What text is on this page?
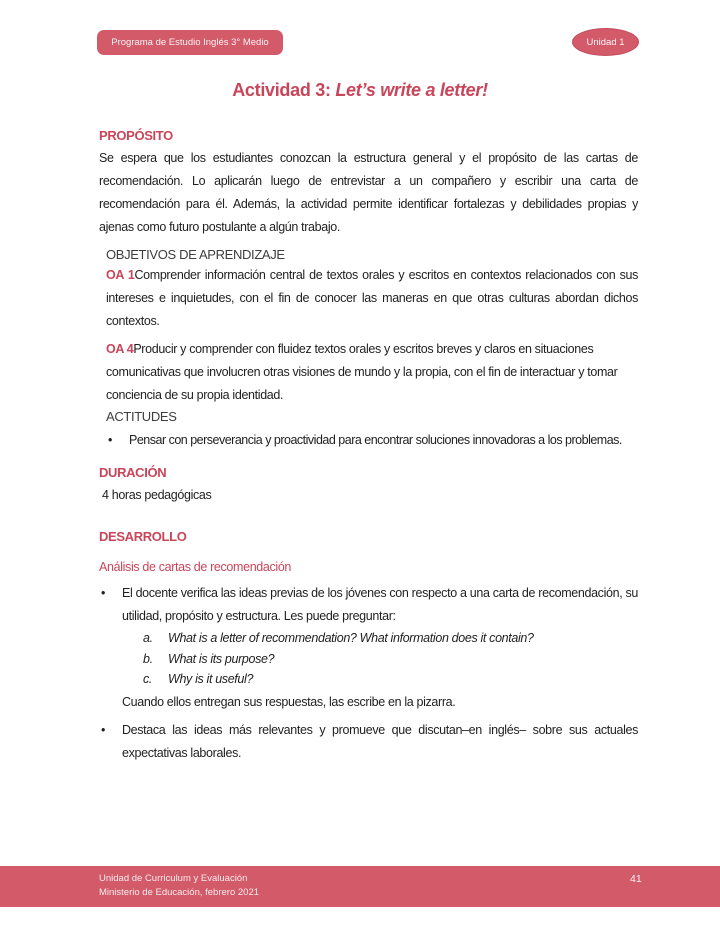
Programa de Estudio Inglés 3° Medio	Unidad 1
Actividad 3: Let’s write a letter!
PROPÓSITO

Se espera que los estudiantes conozcan la estructura general y el propósito de las cartas de recomendación. Lo aplicarán luego de entrevistar a un compañero y escribir una carta de recomendación para él. Además, la actividad permite identificar fortalezas y debilidades propias y ajenas como futuro postulante a algún trabajo.

OBJETIVOS DE APRENDIZAJE

OA 1Comprender información central de textos orales y escritos en contextos relacionados con sus intereses e inquietudes, con el fin de conocer las maneras en que otras culturas abordan dichos contextos.

OA 4Producir y comprender con fluidez textos orales y escritos breves y claros en situaciones comunicativas que involucren otras visiones de mundo y la propia, con el fin de interactuar y tomar conciencia de su propia identidad.

ACTITUDES
•	Pensar con perseverancia y proactividad para encontrar soluciones innovadoras a los problemas.
DURACIÓN

4 horas pedagógicas

DESARROLLO
Análisis de cartas de recomendación
•	El docente verifica las ideas previas de los jóvenes con respecto a una carta de recomendación, su utilidad, propósito y estructura. Les puede preguntar:
a.	What is a letter of recommendation? What information does it contain?
b.	What is its purpose?
c.	Why is it useful?

Cuando ellos entregan sus respuestas, las escribe en la pizarra.

•	Destaca las ideas más relevantes y promueve que discutan–en inglés– sobre sus actuales expectativas laborales.
Unidad de Curriculum y Evaluación
Ministerio de Educación, febrero 2021
41
